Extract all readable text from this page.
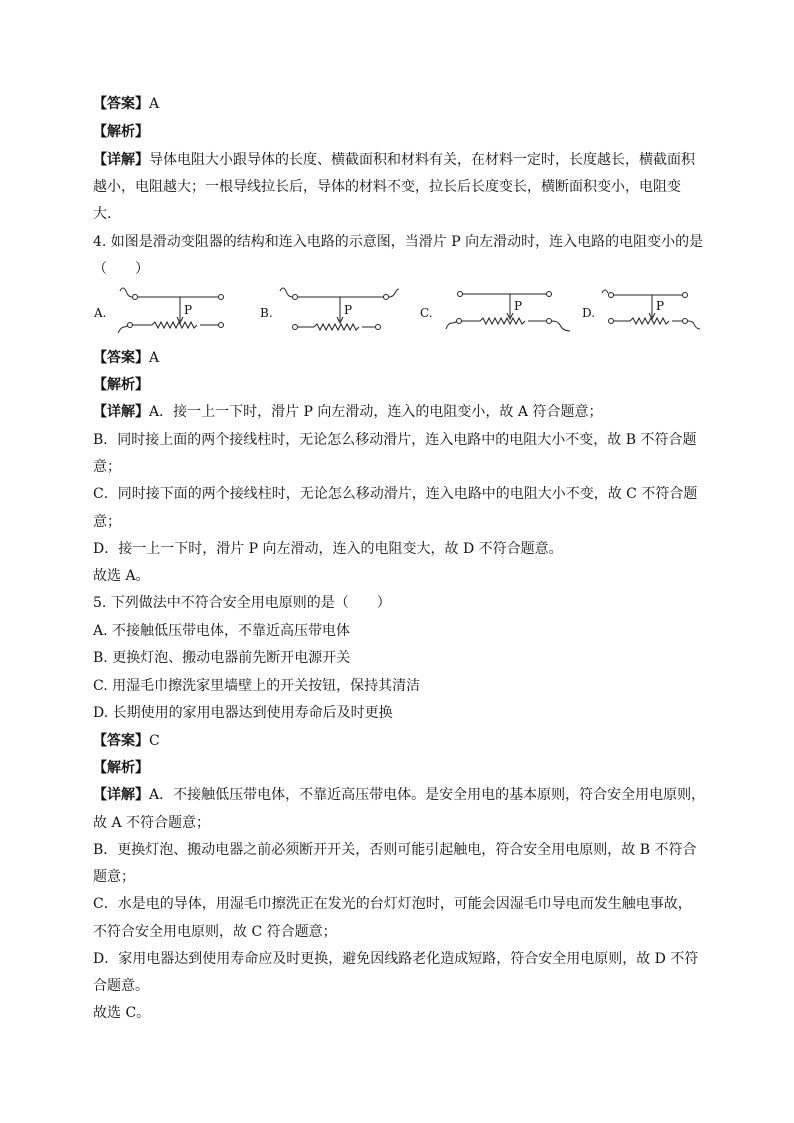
【答案】A
【解析】
【详解】导体电阻大小跟导体的长度、横截面积和材料有关，在材料一定时，长度越长，横截面积
越小，电阻越大；一根导线拉长后，导体的材料不变，拉长后长度变长，横断面积变小，电阻变
大.
4. 如图是滑动变阻器的结构和连入电路的示意图，当滑片 P 向左滑动时，连入电路的电阻变小的是
（　　）
A.	P	B.	P	C.	P	D.	P
【答案】A
【解析】
【详解】A．接一上一下时，滑片 P 向左滑动，连入的电阻变小，故 A 符合题意；
B．同时接上面的两个接线柱时，无论怎么移动滑片，连入电路中的电阻大小不变，故 B 不符合题
意；
C．同时接下面的两个接线柱时，无论怎么移动滑片，连入电路中的电阻大小不变，故 C 不符合题
意；
D．接一上一下时，滑片 P 向左滑动，连入的电阻变大，故 D 不符合题意。
故选 A。
5. 下列做法中不符合安全用电原则的是（　　）
A. 不接触低压带电体，不靠近高压带电体
B. 更换灯泡、搬动电器前先断开电源开关
C. 用湿毛巾擦洗家里墙壁上的开关按钮，保持其清洁
D. 长期使用的家用电器达到使用寿命后及时更换
【答案】C
【解析】
【详解】A．不接触低压带电体，不靠近高压带电体。是安全用电的基本原则，符合安全用电原则，
故 A 不符合题意；
B．更换灯泡、搬动电器之前必须断开开关，否则可能引起触电，符合安全用电原则，故 B 不符合
题意；
C．水是电的导体，用湿毛巾擦洗正在发光的台灯灯泡时，可能会因湿毛巾导电而发生触电事故，
不符合安全用电原则，故 C 符合题意；
D．家用电器达到使用寿命应及时更换，避免因线路老化造成短路，符合安全用电原则，故 D 不符
合题意。
故选 C。
